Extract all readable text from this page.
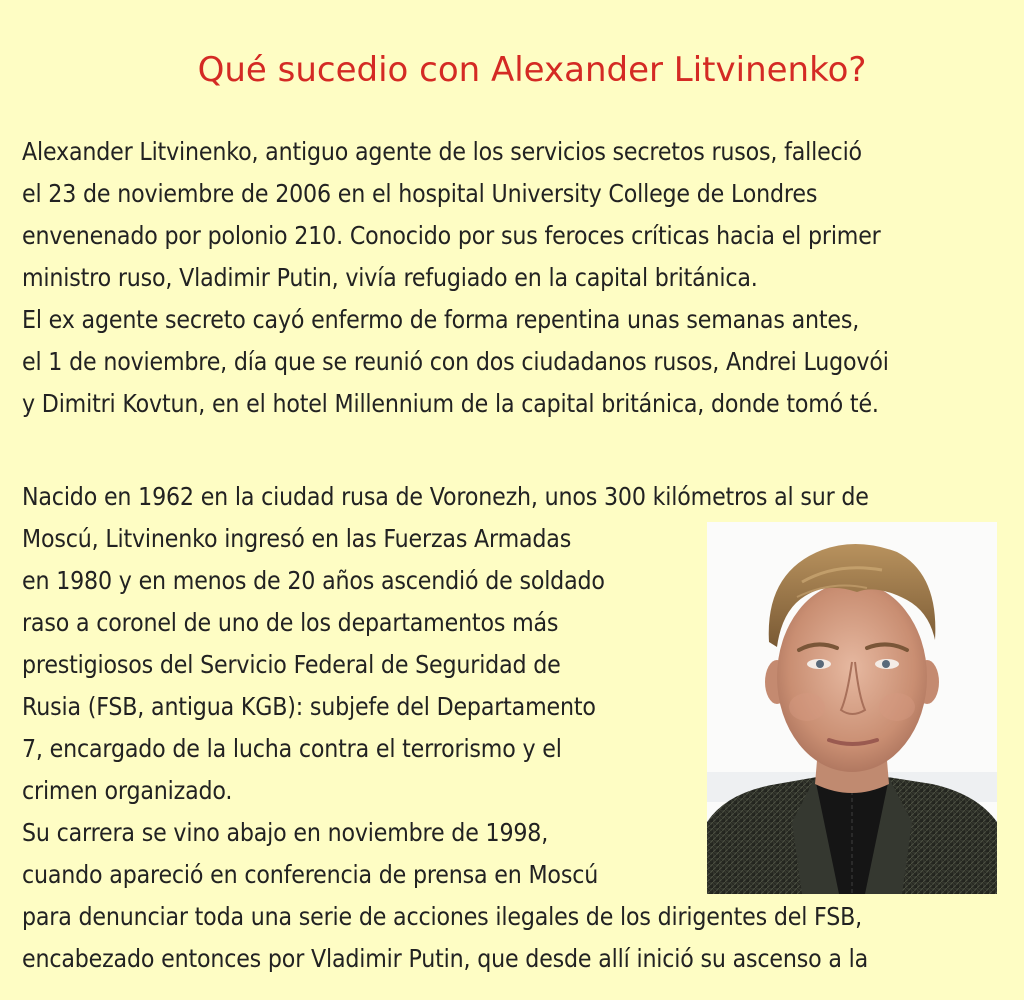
Qué sucedio con Alexander Litvinenko?

Alexander Litvinenko, antiguo agente de los servicios secretos rusos, falleció

el 23 de noviembre de 2006 en el hospital University College de Londres

envenenado por polonio 210. Conocido por sus feroces críticas hacia el primer

ministro ruso, Vladimir Putin, vivía refugiado en la capital británica.

El ex agente secreto cayó enfermo de forma repentina unas semanas antes,

el 1 de noviembre, día que se reunió con dos ciudadanos rusos, Andrei Lugovói

y Dimitri Kovtun, en el hotel Millennium de la capital británica, donde tomó té.

Nacido en 1962 en la ciudad rusa de Voronezh, unos 300 kilómetros al sur de

Moscú, Litvinenko ingresó en las Fuerzas Armadas

en 1980 y en menos de 20 años ascendió de soldado

raso a coronel de uno de los departamentos más

prestigiosos del Servicio Federal de Seguridad de

Rusia (FSB, antigua KGB): subjefe del Departamento

7, encargado de la lucha contra el terrorismo y el

crimen organizado.

Su carrera se vino abajo en noviembre de 1998,

cuando apareció en conferencia de prensa en Moscú

para denunciar toda una serie de acciones ilegales de los dirigentes del FSB,

encabezado entonces por Vladimir Putin, que desde allí inició su ascenso a la
